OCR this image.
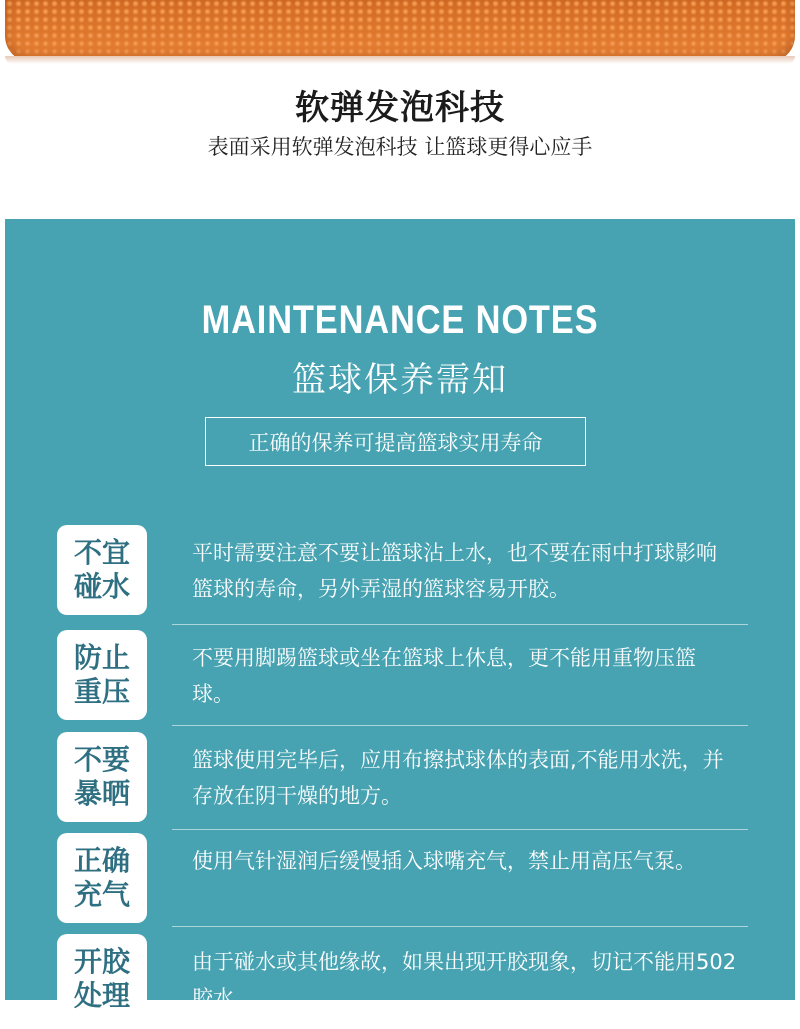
软弹发泡科技
表面采用软弹发泡科技 让篮球更得心应手
MAINTENANCE NOTES
篮球保养需知
正确的保养可提高篮球实用寿命
不宜碰水
平时需要注意不要让篮球沾上水，也不要在雨中打球影响篮球的寿命，另外弄湿的篮球容易开胶。
防止重压
不要用脚踢篮球或坐在篮球上休息，更不能用重物压篮球。
不要暴晒
篮球使用完毕后，应用布擦拭球体的表面,不能用水洗，并存放在阴干燥的地方。
正确充气
使用气针湿润后缓慢插入球嘴充气，禁止用高压气泵。
开胶处理
由于碰水或其他缘故，如果出现开胶现象，切记不能用502胶水。
